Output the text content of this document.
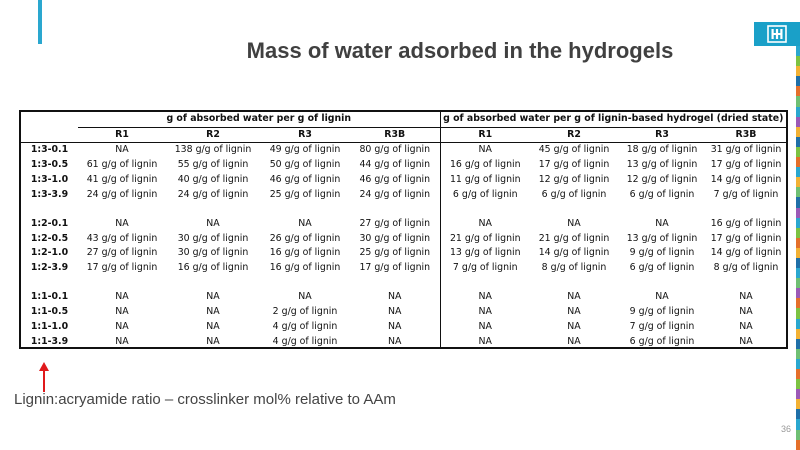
Mass of water adsorbed in the hydrogels
	g of absorbed water per g of lignin				g of absorbed water per g of lignin-based hydrogel (dried state)			
	R1	R2	R3	R3B	R1	R2	R3	R3B
1:3-0.1	NA	138 g/g of lignin	49 g/g of lignin	80 g/g of lignin	NA	45 g/g of lignin	18 g/g of lignin	31 g/g of lignin
1:3-0.5	61 g/g of lignin	55 g/g of lignin	50 g/g of lignin	44 g/g of lignin	16 g/g of lignin	17 g/g of lignin	13 g/g of lignin	17 g/g of lignin
1:3-1.0	41 g/g of lignin	40 g/g of lignin	46 g/g of lignin	46 g/g of lignin	11 g/g of lignin	12 g/g of lignin	12 g/g of lignin	14 g/g of lignin
1:3-3.9	24 g/g of lignin	24 g/g of lignin	25 g/g of lignin	24 g/g of lignin	6 g/g of lignin	6 g/g of lignin	6 g/g of lignin	7 g/g of lignin

1:2-0.1	NA	NA	NA	27 g/g of lignin	NA	NA	NA	16 g/g of lignin
1:2-0.5	43 g/g of lignin	30 g/g of lignin	26 g/g of lignin	30 g/g of lignin	21 g/g of lignin	21 g/g of lignin	13 g/g of lignin	17 g/g of lignin
1:2-1.0	27 g/g of lignin	30 g/g of lignin	16 g/g of lignin	25 g/g of lignin	13 g/g of lignin	14 g/g of lignin	9 g/g of lignin	14 g/g of lignin
1:2-3.9	17 g/g of lignin	16 g/g of lignin	16 g/g of lignin	17 g/g of lignin	7 g/g of lignin	8 g/g of lignin	6 g/g of lignin	8 g/g of lignin

1:1-0.1	NA	NA	NA	NA	NA	NA	NA	NA
1:1-0.5	NA	NA	2 g/g of lignin	NA	NA	NA	9 g/g of lignin	NA
1:1-1.0	NA	NA	4 g/g of lignin	NA	NA	NA	7 g/g of lignin	NA
1:1-3.9	NA	NA	4 g/g of lignin	NA	NA	NA	6 g/g of lignin	NA
Lignin:acryamide ratio – crosslinker mol% relative to AAm
36
